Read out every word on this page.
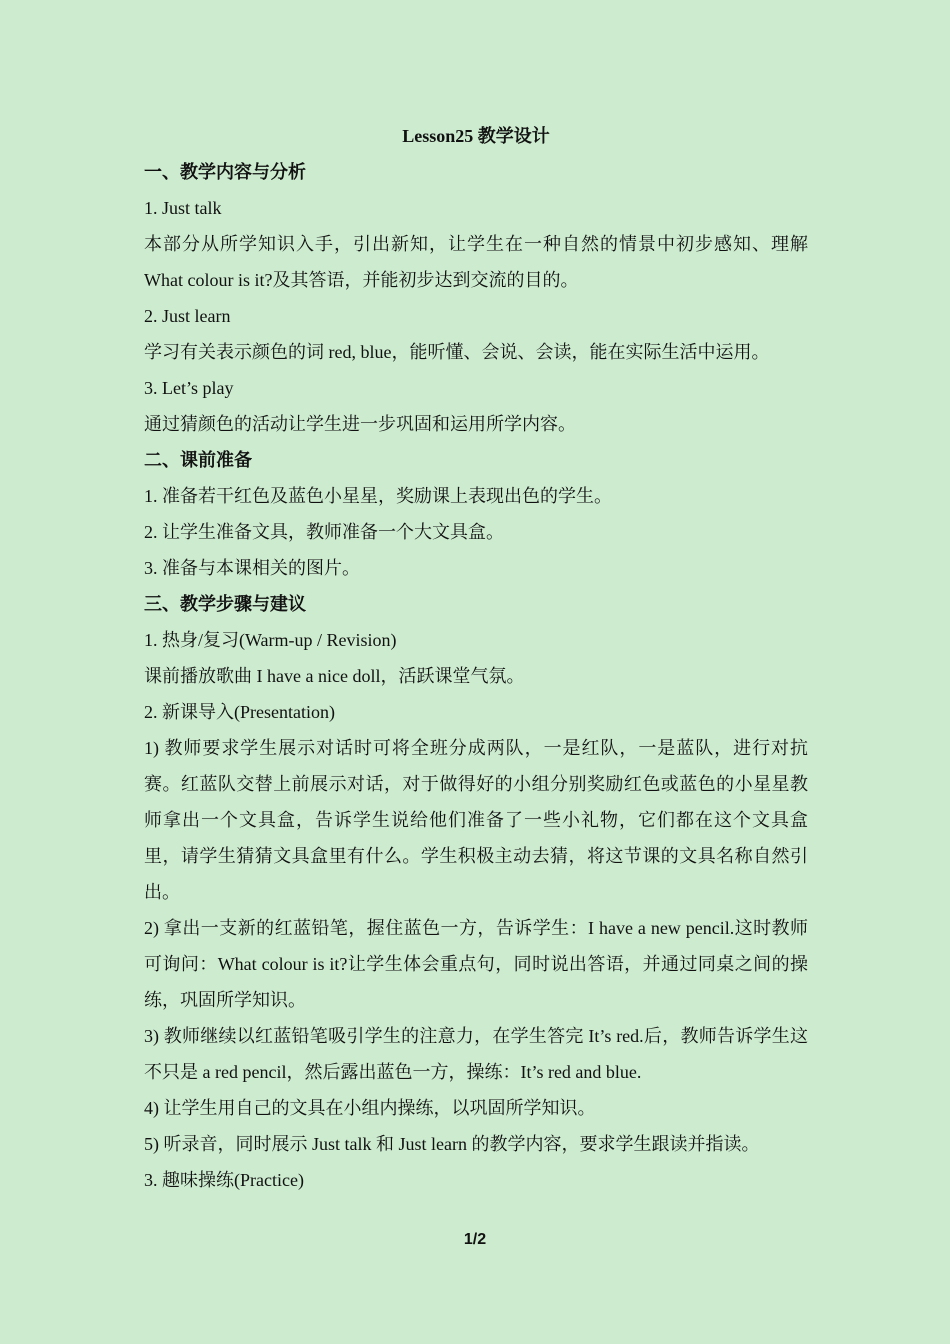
Lesson25 教学设计

一、教学内容与分析

1. Just talk

本部分从所学知识入手，引出新知，让学生在一种自然的情景中初步感知、理解 What colour is it?及其答语，并能初步达到交流的目的。

2. Just learn

学习有关表示颜色的词 red, blue，能听懂、会说、会读，能在实际生活中运用。

3. Let’s play

通过猜颜色的活动让学生进一步巩固和运用所学内容。

二、课前准备

1. 准备若干红色及蓝色小星星，奖励课上表现出色的学生。

2. 让学生准备文具，教师准备一个大文具盒。

3. 准备与本课相关的图片。

三、教学步骤与建议

1. 热身/复习(Warm-up / Revision)

课前播放歌曲 I have a nice doll，活跃课堂气氛。

2. 新课导入(Presentation)

1) 教师要求学生展示对话时可将全班分成两队，一是红队，一是蓝队，进行对抗赛。红蓝队交替上前展示对话，对于做得好的小组分别奖励红色或蓝色的小星星教师拿出一个文具盒，告诉学生说给他们准备了一些小礼物，它们都在这个文具盒里，请学生猜猜文具盒里有什么。学生积极主动去猜，将这节课的文具名称自然引出。

2) 拿出一支新的红蓝铅笔，握住蓝色一方，告诉学生：I have a new pencil.这时教师可询问：What colour is it?让学生体会重点句，同时说出答语，并通过同桌之间的操练，巩固所学知识。

3) 教师继续以红蓝铅笔吸引学生的注意力，在学生答完 It’s red.后，教师告诉学生这不只是 a red pencil，然后露出蓝色一方，操练：It’s red and blue.

4) 让学生用自己的文具在小组内操练，以巩固所学知识。

5) 听录音，同时展示 Just talk 和 Just learn 的教学内容，要求学生跟读并指读。

3. 趣味操练(Practice)

1/2
